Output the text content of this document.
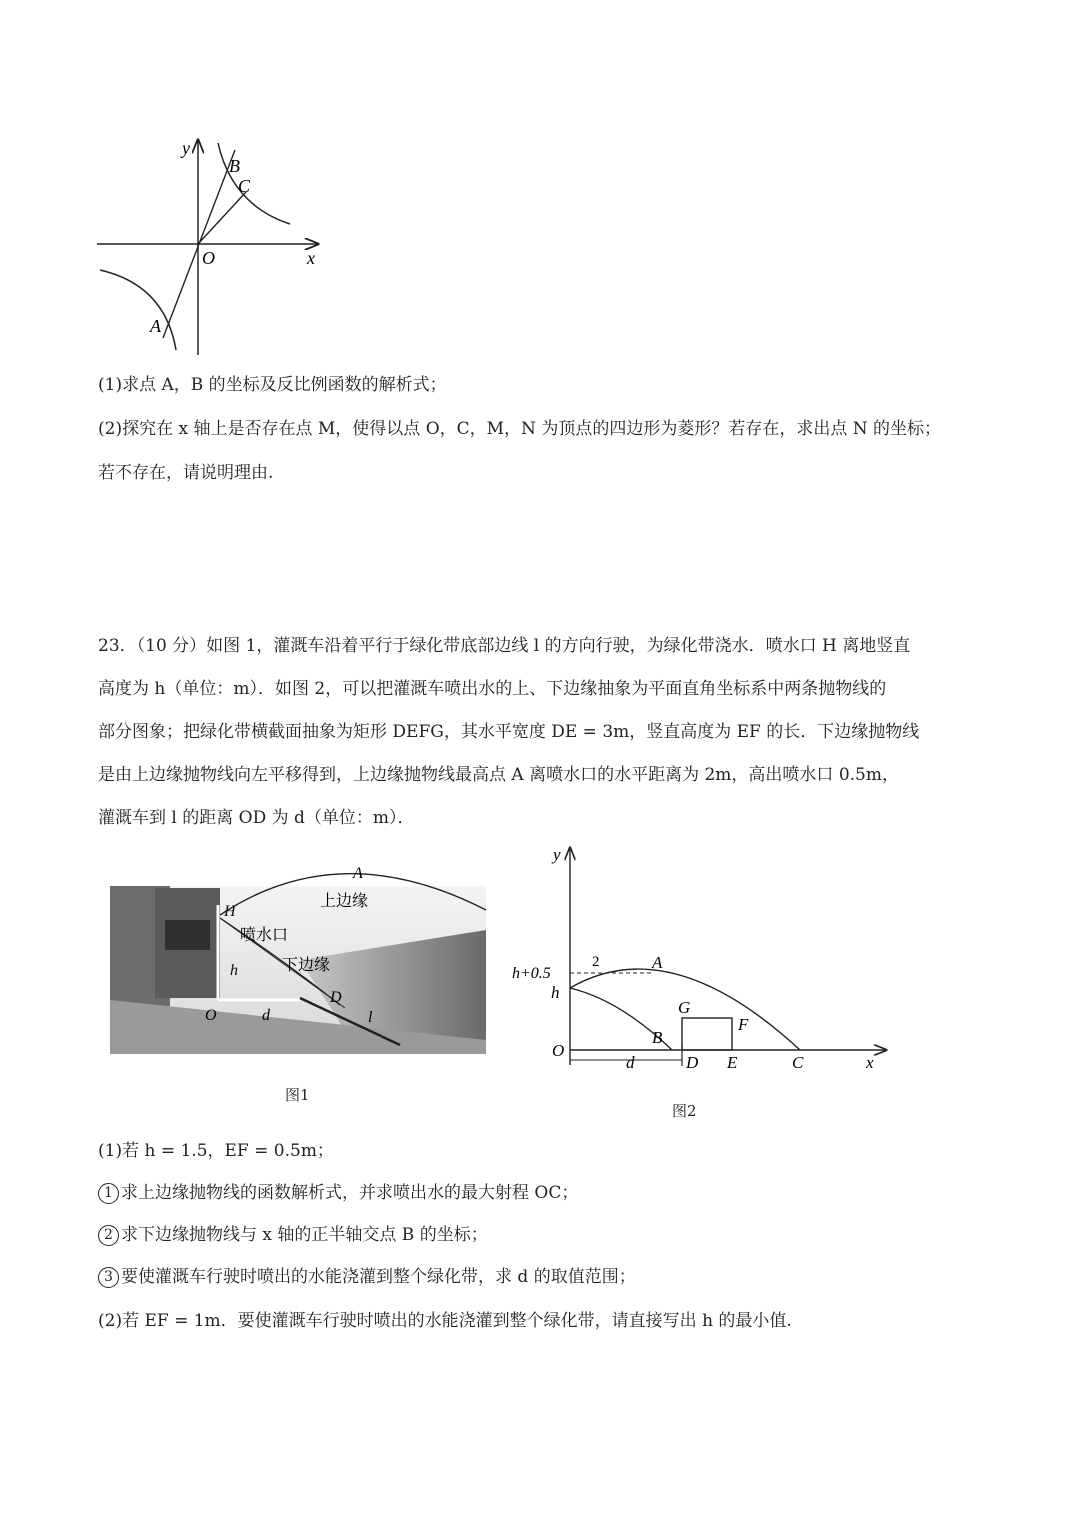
y
x
O
B
C
A
(1)求点 A，B 的坐标及反比例函数的解析式；
(2)探究在 x 轴上是否存在点 M，使得以点 O，C，M，N 为顶点的四边形为菱形？若存在，求出点 N 的坐标；
若不存在，请说明理由.
23．（10 分）如图 1，灌溉车沿着平行于绿化带底部边线 l 的方向行驶，为绿化带浇水．喷水口 H 离地竖直
高度为 h（单位：m）．如图 2，可以把灌溉车喷出水的上、下边缘抽象为平面直角坐标系中两条抛物线的
部分图象；把绿化带横截面抽象为矩形 DEFG，其水平宽度 DE = 3m，竖直高度为 EF 的长．下边缘抛物线
是由上边缘抛物线向左平移得到，上边缘抛物线最高点 A 离喷水口的水平距离为 2m，高出喷水口 0.5m，
灌溉车到 l 的距离 OD 为 d（单位：m）．
A
上边缘
H
喷水口
下边缘
h
O	d
D
l
图1
y
h+0.5
h
2	A
G
F
B
O
d	D E	C	x
图2
(1)若 h = 1.5，EF = 0.5m；
1 求上边缘抛物线的函数解析式，并求喷出水的最大射程 OC；
2 求下边缘抛物线与 x 轴的正半轴交点 B 的坐标；
3 要使灌溉车行驶时喷出的水能浇灌到整个绿化带，求 d 的取值范围；
(2)若 EF = 1m．要使灌溉车行驶时喷出的水能浇灌到整个绿化带，请直接写出 h 的最小值.
